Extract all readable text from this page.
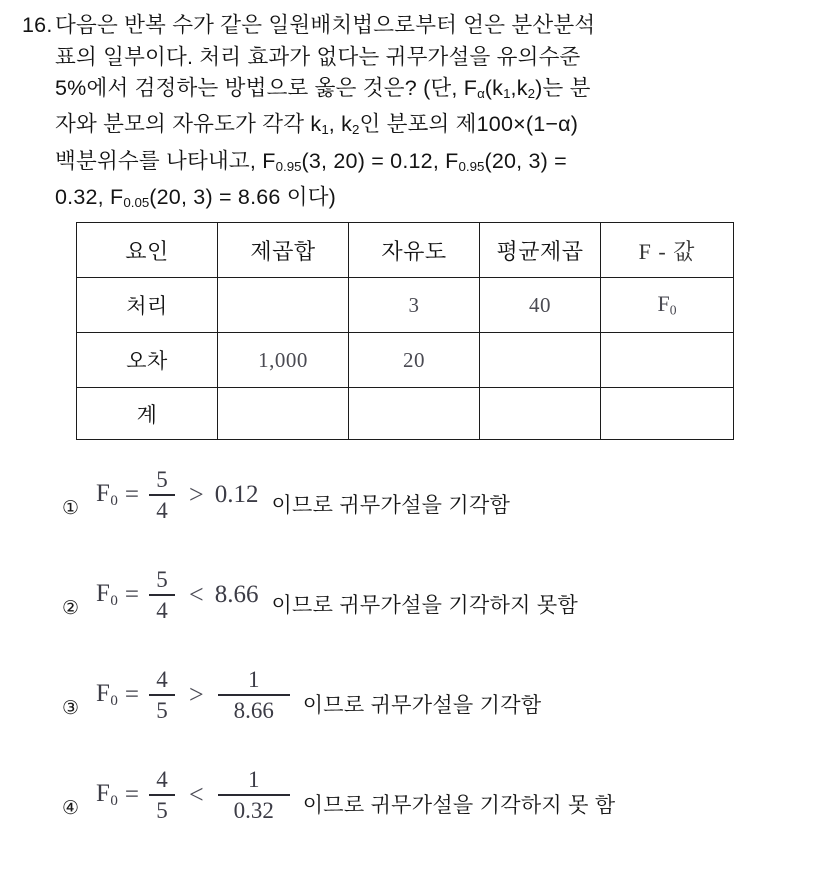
16. 다음은 반복 수가 같은 일원배치법으로부터 얻은 분산분석
표의 일부이다. 처리 효과가 없다는 귀무가설을 유의수준
5%에서 검정하는 방법으로 옳은 것은? (단, $F_\alpha(k_1,k_2)$는 분
자와 분모의 자유도가 각각 $k_1$, $k_2$인 분포의 제100×(1−α)
백분위수를 나타내고, $F_{0.95}(3$, 20) = 0.12, $F_{0.95}(20$, 3) =
0.32, $F_{0.05}(20$, 3) = 8.66 이다)
요인	제곱합	자유도	평균제곱	F - 값
처리		3	40	$F_0$
오차	1,000	20		
계				
①
$F_0 = \frac{5}{4} > 0.12$ 이므로 귀무가설을 기각함
②
$F_0 = \frac{5}{4} < 8.66$ 이므로 귀무가설을 기각하지 못함
③
$F_0 = \frac{4}{5} > \frac{1}{8.66}$ 이므로 귀무가설을 기각함
④
$F_0 = \frac{4}{5} < \frac{1}{0.32}$ 이므로 귀무가설을 기각하지 못 함
